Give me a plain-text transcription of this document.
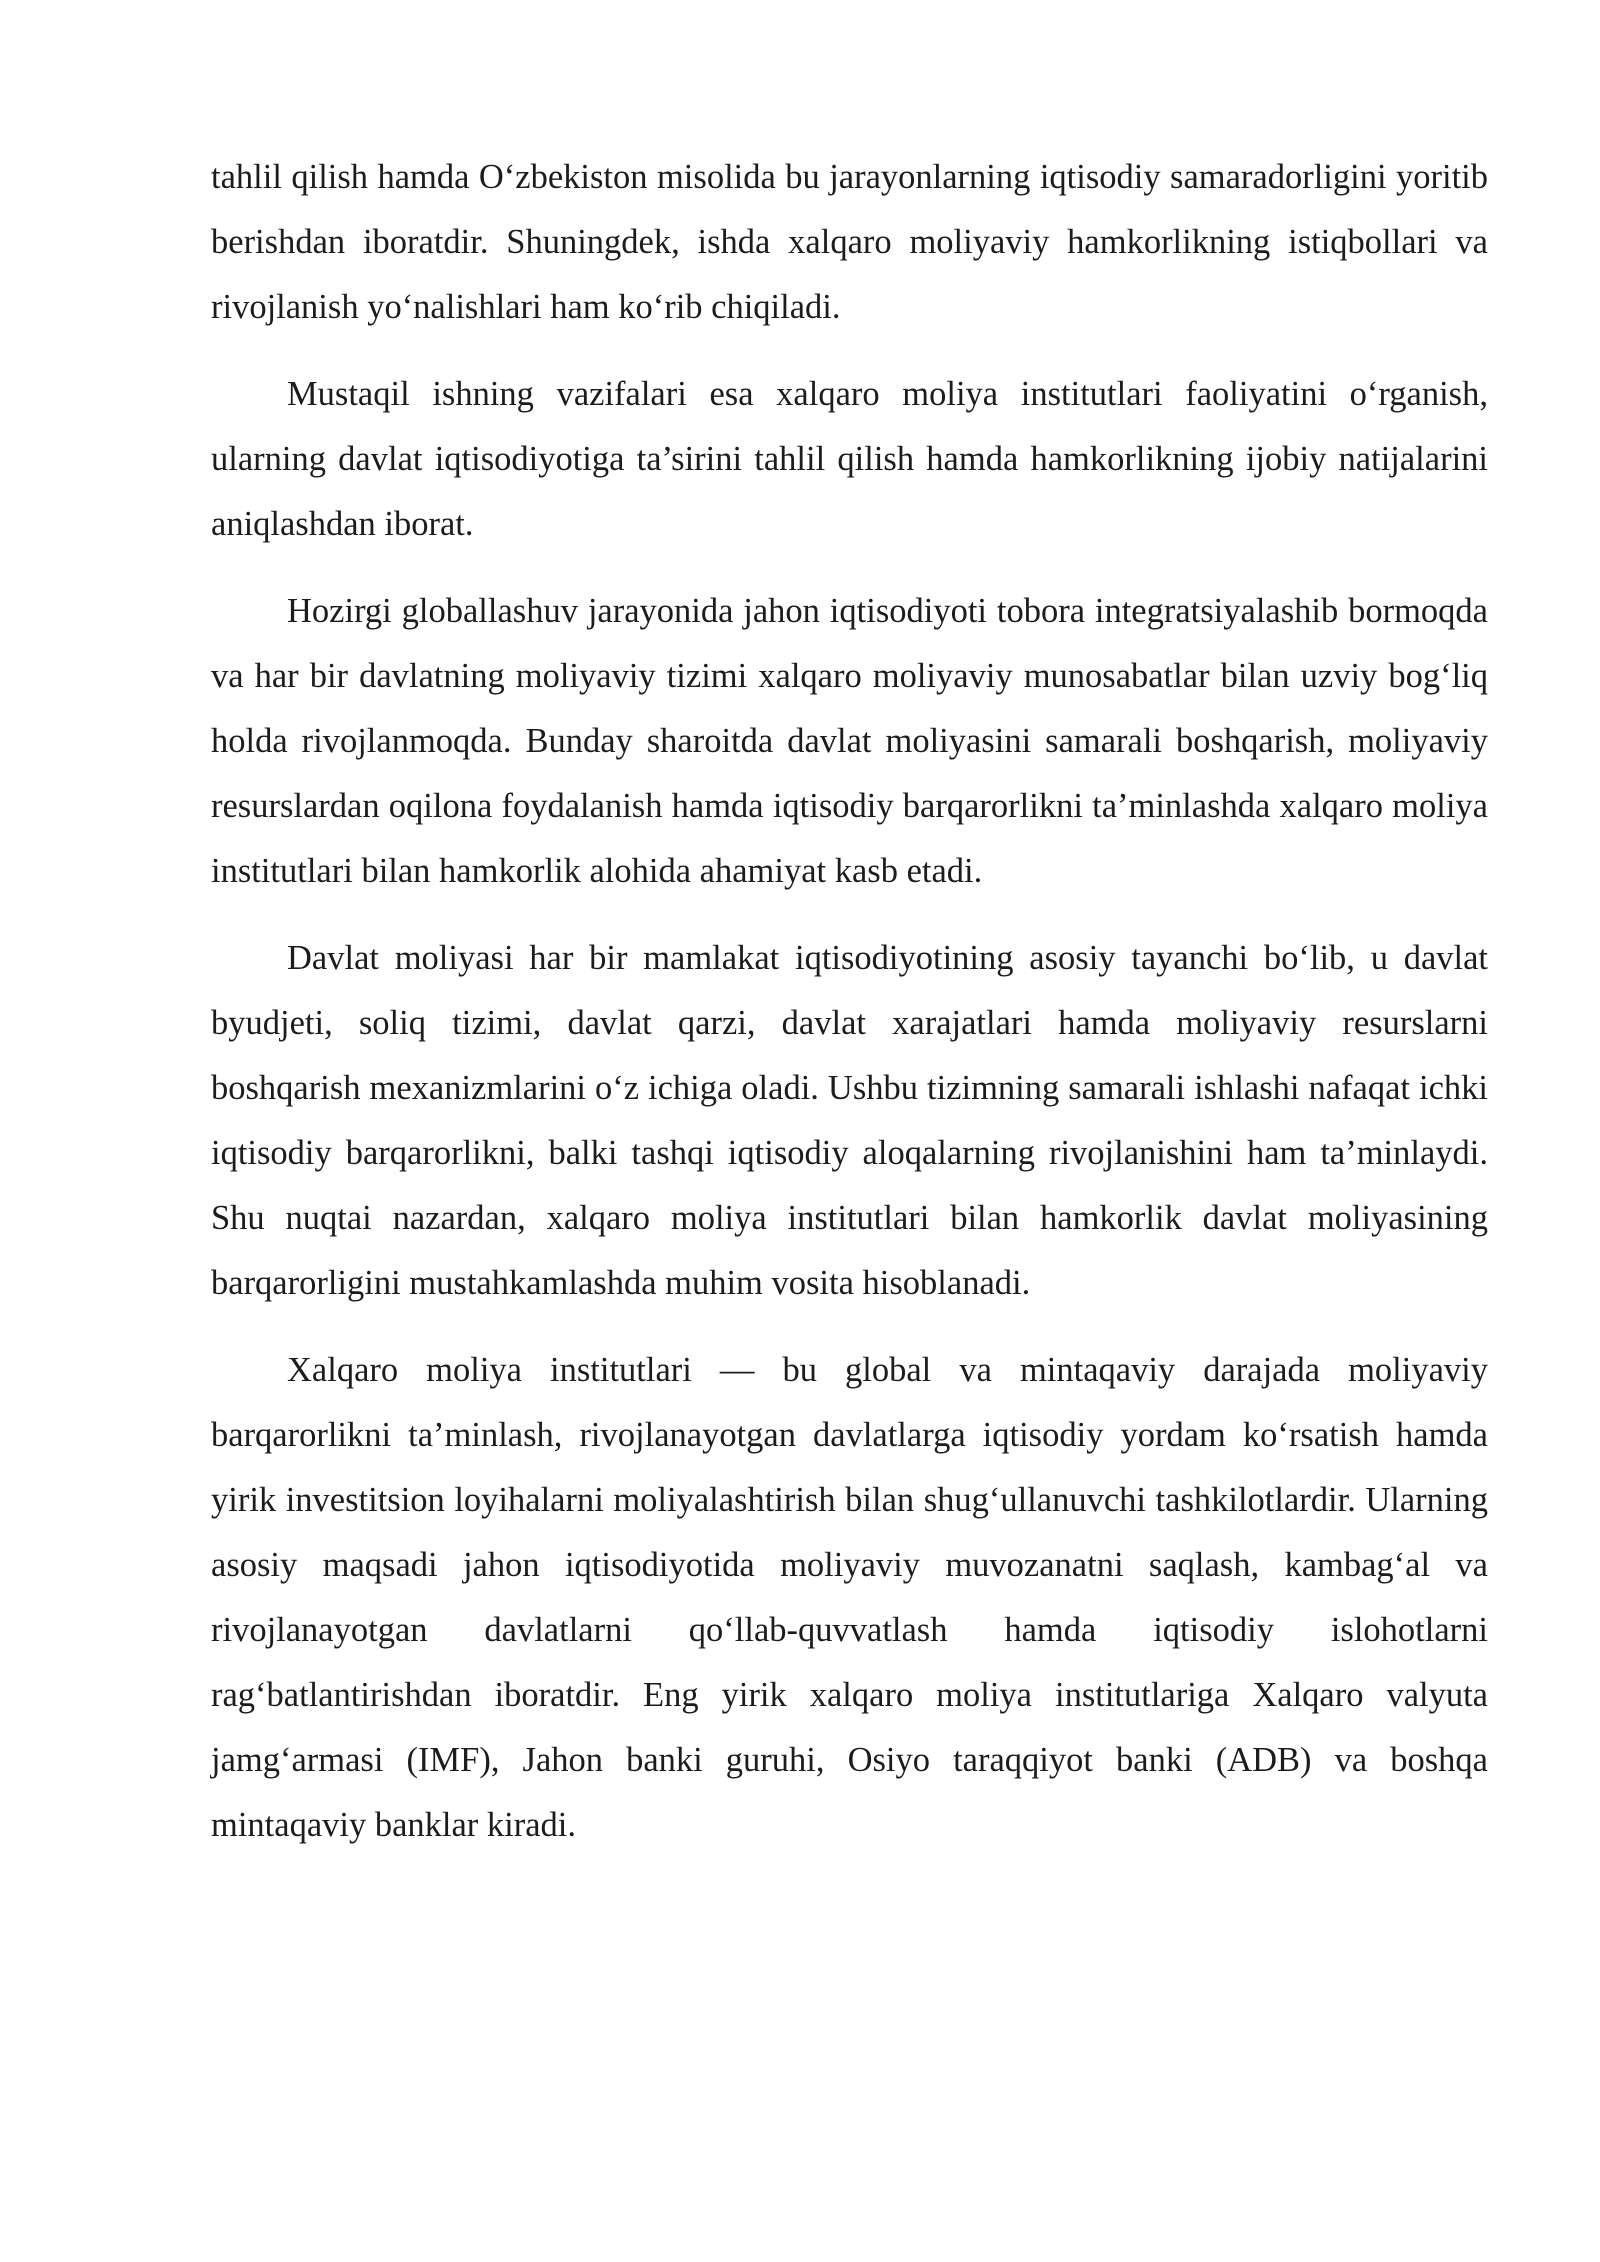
tahlil qilish hamda O‘zbekiston misolida bu jarayonlarning iqtisodiy samaradorligini yoritib berishdan iboratdir. Shuningdek, ishda xalqaro moliyaviy hamkorlikning istiqbollari va rivojlanish yo‘nalishlari ham ko‘rib chiqiladi.

Mustaqil ishning vazifalari esa xalqaro moliya institutlari faoliyatini o‘rganish, ularning davlat iqtisodiyotiga ta’sirini tahlil qilish hamda hamkorlikning ijobiy natijalarini aniqlashdan iborat.

Hozirgi globallashuv jarayonida jahon iqtisodiyoti tobora integratsiyalashib bormoqda va har bir davlatning moliyaviy tizimi xalqaro moliyaviy munosabatlar bilan uzviy bog‘liq holda rivojlanmoqda. Bunday sharoitda davlat moliyasini samarali boshqarish, moliyaviy resurslardan oqilona foydalanish hamda iqtisodiy barqarorlikni ta’minlashda xalqaro moliya institutlari bilan hamkorlik alohida ahamiyat kasb etadi.

Davlat moliyasi har bir mamlakat iqtisodiyotining asosiy tayanchi bo‘lib, u davlat byudjeti, soliq tizimi, davlat qarzi, davlat xarajatlari hamda moliyaviy resurslarni boshqarish mexanizmlarini o‘z ichiga oladi. Ushbu tizimning samarali ishlashi nafaqat ichki iqtisodiy barqarorlikni, balki tashqi iqtisodiy aloqalarning rivojlanishini ham ta’minlaydi. Shu nuqtai nazardan, xalqaro moliya institutlari bilan hamkorlik davlat moliyasining barqarorligini mustahkamlashda muhim vosita hisoblanadi.

Xalqaro moliya institutlari — bu global va mintaqaviy darajada moliyaviy barqarorlikni ta’minlash, rivojlanayotgan davlatlarga iqtisodiy yordam ko‘rsatish hamda yirik investitsion loyihalarni moliyalashtirish bilan shug‘ullanuvchi tashkilotlardir. Ularning asosiy maqsadi jahon iqtisodiyotida moliyaviy muvozanatni saqlash, kambag‘al va rivojlanayotgan davlatlarni qo‘llab-quvvatlash hamda iqtisodiy islohotlarni rag‘batlantirishdan iboratdir. Eng yirik xalqaro moliya institutlariga Xalqaro valyuta jamg‘armasi (IMF), Jahon banki guruhi, Osiyo taraqqiyot banki (ADB) va boshqa mintaqaviy banklar kiradi.
